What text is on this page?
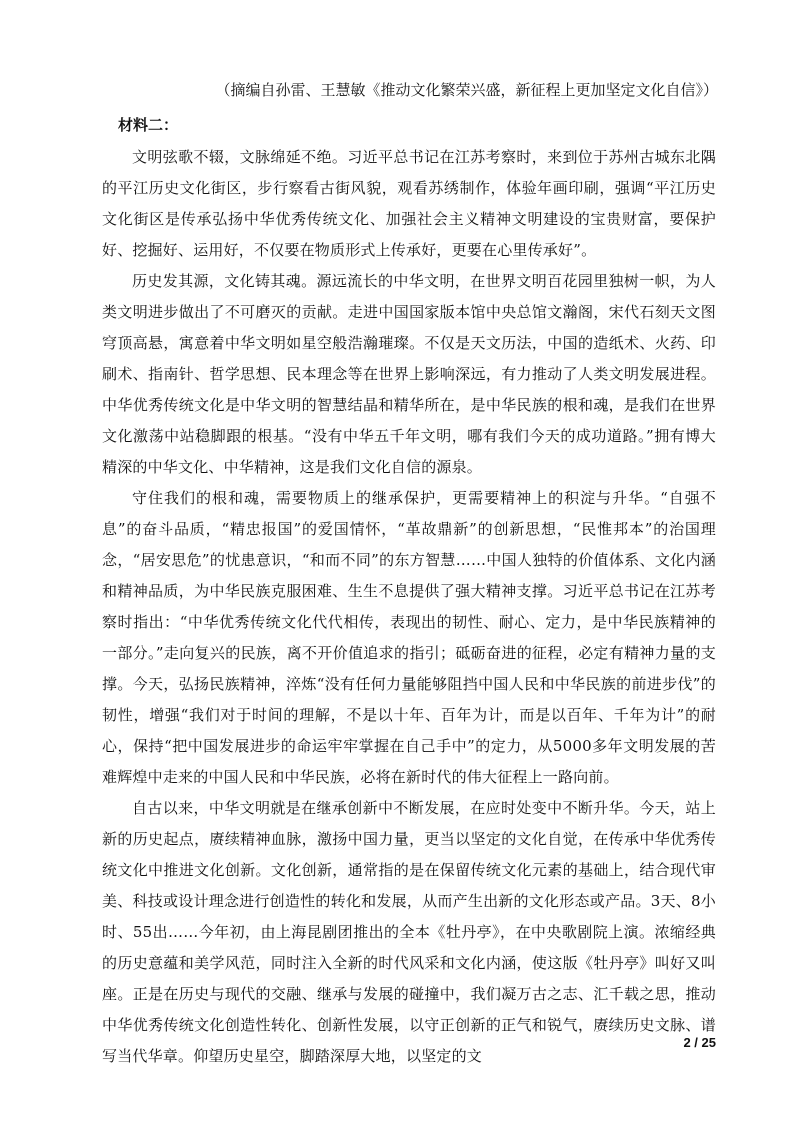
（摘编自孙雷、王慧敏《推动文化繁荣兴盛，新征程上更加坚定文化自信》）
材料二：

文明弦歌不辍，文脉绵延不绝。习近平总书记在江苏考察时，来到位于苏州古城东北隅的平江历史文化街区，步行察看古街风貌，观看苏绣制作，体验年画印刷，强调“平江历史文化街区是传承弘扬中华优秀传统文化、加强社会主义精神文明建设的宝贵财富，要保护好、挖掘好、运用好，不仅要在物质形式上传承好，更要在心里传承好”。

历史发其源，文化铸其魂。源远流长的中华文明，在世界文明百花园里独树一帜，为人类文明进步做出了不可磨灭的贡献。走进中国国家版本馆中央总馆文瀚阁，宋代石刻天文图穹顶高悬，寓意着中华文明如星空般浩瀚璀璨。不仅是天文历法，中国的造纸术、火药、印刷术、指南针、哲学思想、民本理念等在世界上影响深远，有力推动了人类文明发展进程。中华优秀传统文化是中华文明的智慧结晶和精华所在，是中华民族的根和魂，是我们在世界文化激荡中站稳脚跟的根基。“没有中华五千年文明，哪有我们今天的成功道路。”拥有博大精深的中华文化、中华精神，这是我们文化自信的源泉。

守住我们的根和魂，需要物质上的继承保护，更需要精神上的积淀与升华。“自强不息”的奋斗品质，“精忠报国”的爱国情怀，“革故鼎新”的创新思想，“民惟邦本”的治国理念，“居安思危”的忧患意识，“和而不同”的东方智慧……中国人独特的价值体系、文化内涵和精神品质，为中华民族克服困难、生生不息提供了强大精神支撑。习近平总书记在江苏考察时指出：“中华优秀传统文化代代相传，表现出的韧性、耐心、定力，是中华民族精神的一部分。”走向复兴的民族，离不开价值追求的指引；砥砺奋进的征程，必定有精神力量的支撑。今天，弘扬民族精神，淬炼“没有任何力量能够阻挡中国人民和中华民族的前进步伐”的韧性，增强“我们对于时间的理解，不是以十年、百年为计，而是以百年、千年为计”的耐心，保持“把中国发展进步的命运牢牢掌握在自己手中”的定力，从5000多年文明发展的苦难辉煌中走来的中国人民和中华民族，必将在新时代的伟大征程上一路向前。

自古以来，中华文明就是在继承创新中不断发展，在应时处变中不断升华。今天，站上新的历史起点，赓续精神血脉，激扬中国力量，更当以坚定的文化自觉，在传承中华优秀传统文化中推进文化创新。文化创新，通常指的是在保留传统文化元素的基础上，结合现代审美、科技或设计理念进行创造性的转化和发展，从而产生出新的文化形态或产品。3天、8小时、55出……今年初，由上海昆剧团推出的全本《牡丹亭》，在中央歌剧院上演。浓缩经典的历史意蕴和美学风范，同时注入全新的时代风采和文化内涵，使这版《牡丹亭》叫好又叫座。正是在历史与现代的交融、继承与发展的碰撞中，我们凝万古之志、汇千载之思，推动中华优秀传统文化创造性转化、创新性发展，以守正创新的正气和锐气，赓续历史文脉、谱写当代华章。仰望历史星空，脚踏深厚大地，以坚定的文

2 / 25
